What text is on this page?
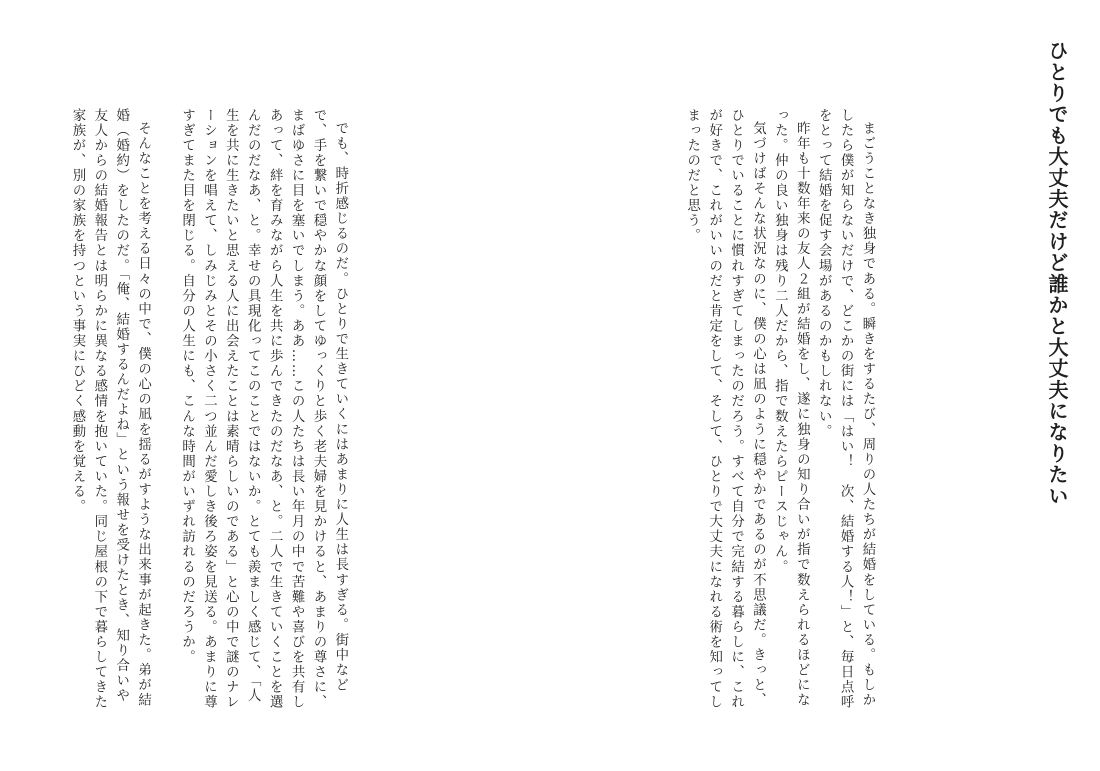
ひとりでも大丈夫だけど誰かと大丈夫になりたい
まごうことなき独身である。瞬きをするたび、周りの人たちが結婚をしている。もしかしたら僕が知らないだけで、どこかの街には「はい！　次、結婚する人！」と、毎日点呼をとって結婚を促す会場があるのかもしれない。
昨年も十数年来の友人２組が結婚をし、遂に独身の知り合いが指で数えられるほどになった。仲の良い独身は残り二人だから、指で数えたらピースじゃん。
気づけばそんな状況なのに、僕の心は凪のように穏やかであるのが不思議だ。きっと、ひとりでいることに慣れすぎてしまったのだろう。すべて自分で完結する暮らしに、これが好きで、これがいいのだと肯定をして、そして、ひとりで大丈夫になれる術を知ってしまったのだと思う。
でも、時折感じるのだ。ひとりで生きていくにはあまりに人生は長すぎる。街中などで、手を繋いで穏やかな顔をしてゆっくりと歩く老夫婦を見かけると、あまりの尊さに、まばゆさに目を塞いでしまう。ああ……この人たちは長い年月の中で苦難や喜びを共有しあって、絆を育みながら人生を共に歩んできたのだなあ、と。二人で生きていくことを選んだのだなあ、と。幸せの具現化ってこのことではないか。とても羨ましく感じて、「人生を共に生きたいと思える人に出会えたことは素晴らしいのである」と心の中で謎のナレーションを唱えて、しみじみとその小さく二つ並んだ愛しき後ろ姿を見送る。あまりに尊すぎてまた目を閉じる。自分の人生にも、こんな時間がいずれ訪れるのだろうか。
そんなことを考える日々の中で、僕の心の凪を揺るがすような出来事が起きた。弟が結婚（婚約）をしたのだ。「俺、結婚するんだよね」という報せを受けたとき、知り合いや友人からの結婚報告とは明らかに異なる感情を抱いていた。同じ屋根の下で暮らしてきた家族が、別の家族を持つという事実にひどく感動を覚える。
